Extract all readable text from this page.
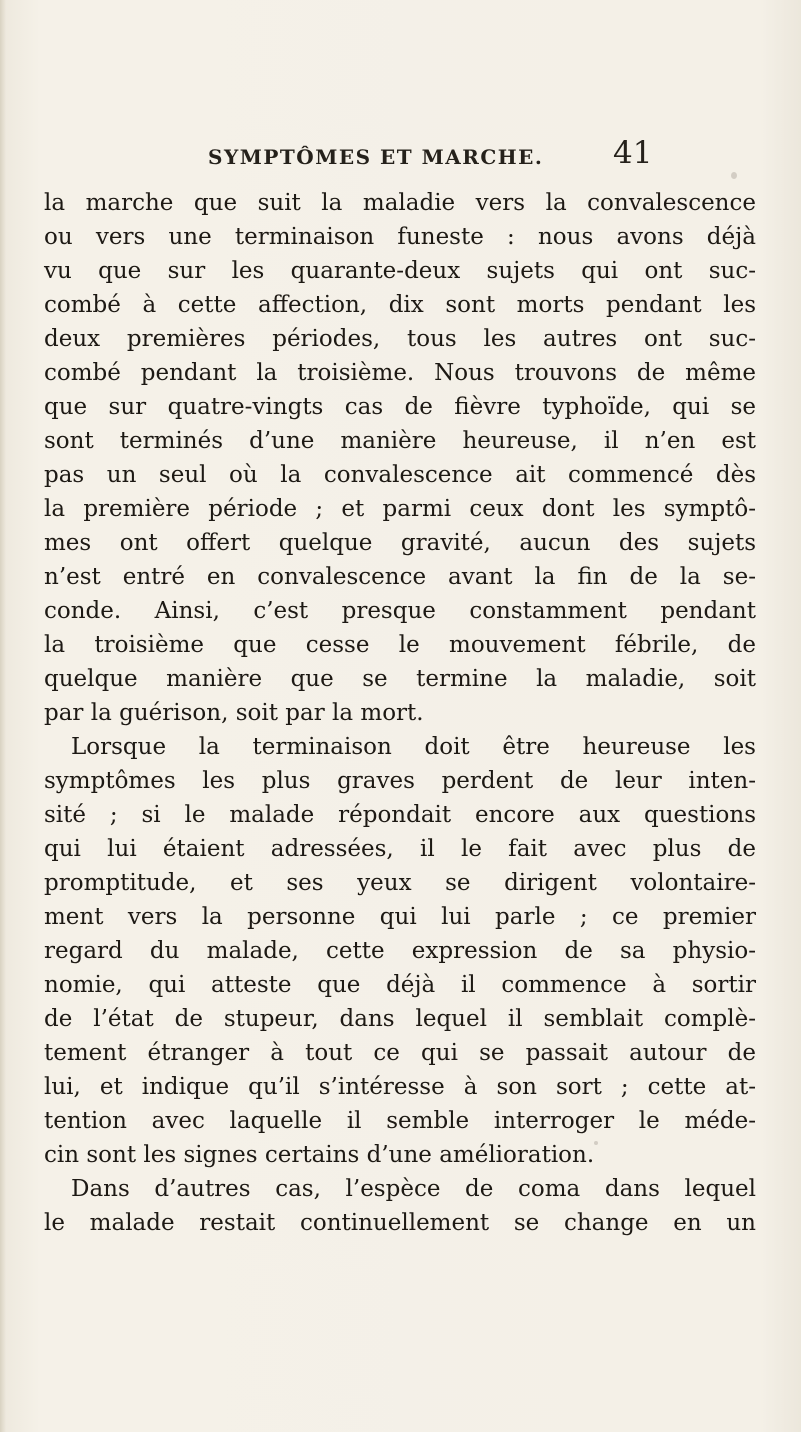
SYMPTÔMES ET MARCHE. 41
la marche que suit la maladie vers la convalescence
ou vers une terminaison funeste : nous avons déjà
vu que sur les quarante-deux sujets qui ont suc-
combé à cette affection, dix sont morts pendant les
deux premières périodes, tous les autres ont suc-
combé pendant la troisième. Nous trouvons de même
que sur quatre-vingts cas de fièvre typhoïde, qui se
sont terminés d’une manière heureuse, il n’en est
pas un seul où la convalescence ait commencé dès
la première période ; et parmi ceux dont les symptô-
mes ont offert quelque gravité, aucun des sujets
n’est entré en convalescence avant la fin de la se-
conde. Ainsi, c’est presque constamment pendant
la troisième que cesse le mouvement fébrile, de
quelque manière que se termine la maladie, soit
par la guérison, soit par la mort.
Lorsque la terminaison doit être heureuse les
symptômes les plus graves perdent de leur inten-
sité ; si le malade répondait encore aux questions
qui lui étaient adressées, il le fait avec plus de
promptitude, et ses yeux se dirigent volontaire-
ment vers la personne qui lui parle ; ce premier
regard du malade, cette expression de sa physio-
nomie, qui atteste que déjà il commence à sortir
de l’état de stupeur, dans lequel il semblait complè-
tement étranger à tout ce qui se passait autour de
lui, et indique qu’il s’intéresse à son sort ; cette at-
tention avec laquelle il semble interroger le méde-
cin sont les signes certains d’une amélioration.
Dans d’autres cas, l’espèce de coma dans lequel
le malade restait continuellement se change en un
